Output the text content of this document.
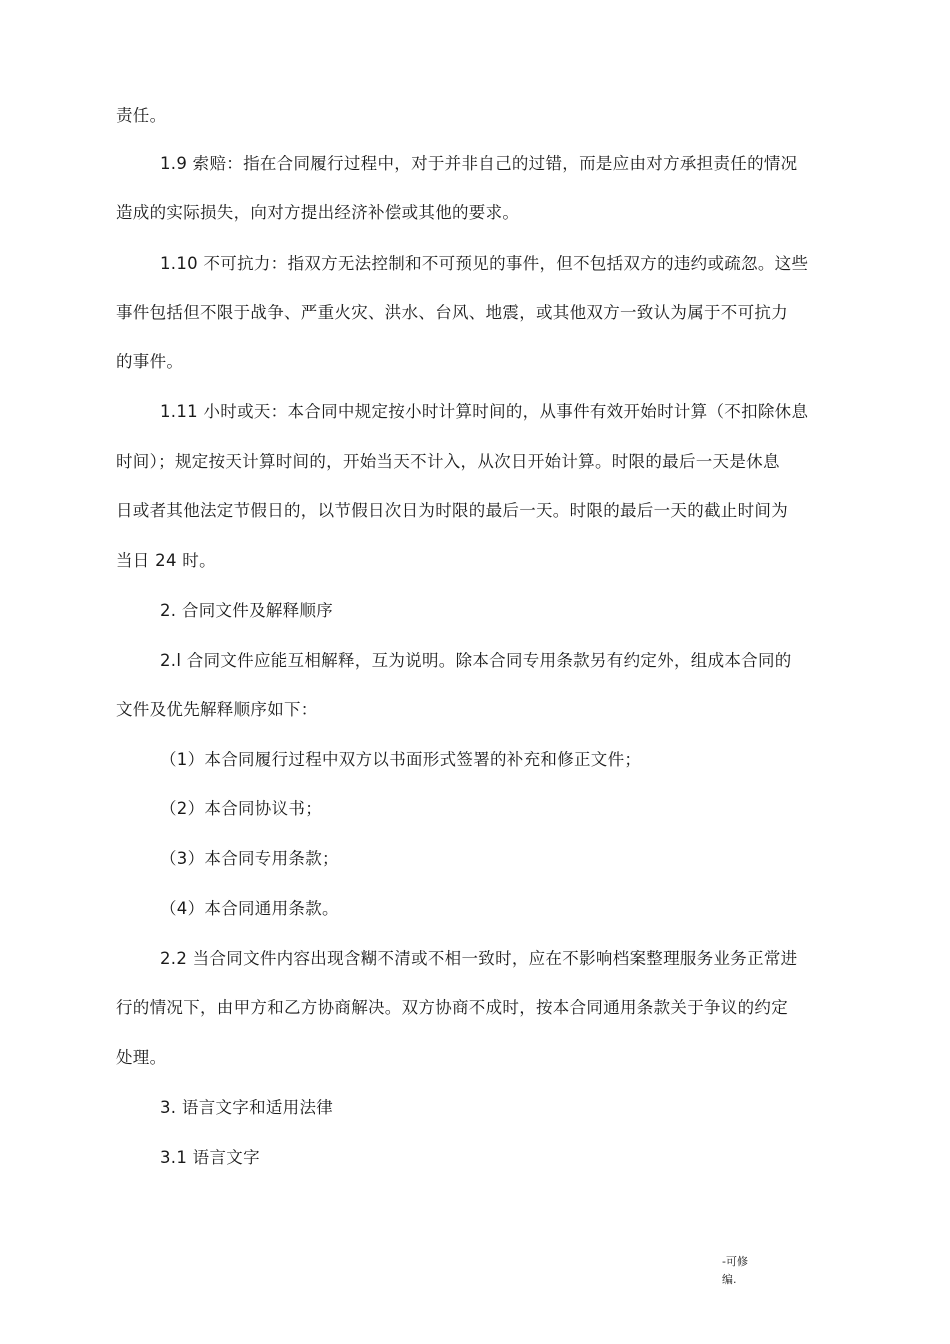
责任。
1.9 索赔：指在合同履行过程中，对于并非自己的过错，而是应由对方承担责任的情况
造成的实际损失，向对方提出经济补偿或其他的要求。
1.10 不可抗力：指双方无法控制和不可预见的事件，但不包括双方的违约或疏忽。这些
事件包括但不限于战争、严重火灾、洪水、台风、地震，或其他双方一致认为属于不可抗力
的事件。
1.11 小时或天：本合同中规定按小时计算时间的，从事件有效开始时计算（不扣除休息
时间）；规定按天计算时间的，开始当天不计入，从次日开始计算。时限的最后一天是休息
日或者其他法定节假日的，以节假日次日为时限的最后一天。时限的最后一天的截止时间为
当日 24 时。
2. 合同文件及解释顺序
2.l 合同文件应能互相解释，互为说明。除本合同专用条款另有约定外，组成本合同的
文件及优先解释顺序如下：
（1）本合同履行过程中双方以书面形式签署的补充和修正文件；
（2）本合同协议书；
（3）本合同专用条款；
（4）本合同通用条款。
2.2 当合同文件内容出现含糊不清或不相一致时，应在不影响档案整理服务业务正常进
行的情况下，由甲方和乙方协商解决。双方协商不成时，按本合同通用条款关于争议的约定
处理。
3. 语言文字和适用法律
3.1 语言文字
-可修
编.
